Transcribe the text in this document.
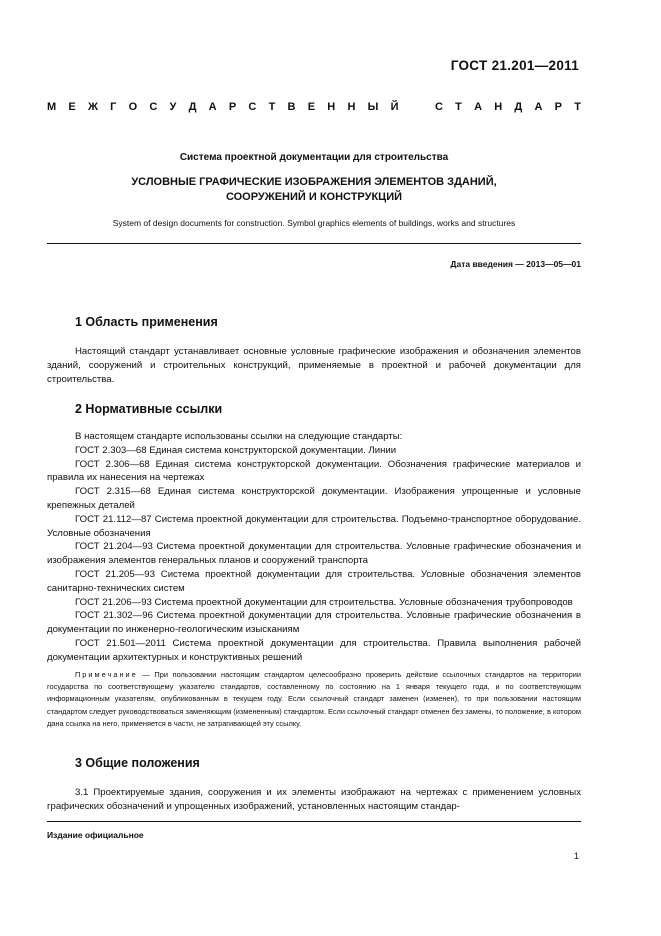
ГОСТ 21.201—2011
М Е Ж Г О С У Д А Р С Т В Е Н Н Ы Й	С Т А Н Д А Р Т
Система проектной документации для строительства
УСЛОВНЫЕ ГРАФИЧЕСКИЕ ИЗОБРАЖЕНИЯ ЭЛЕМЕНТОВ ЗДАНИЙ,
СООРУЖЕНИЙ И КОНСТРУКЦИЙ
System of design documents for construction. Symbol graphics elements of buildings, works and structures
Дата введения — 2013—05—01
1 Область применения

Настоящий стандарт устанавливает основные условные графические изображения и обозначения элементов зданий, сооружений и строительных конструкций, применяемые в проектной и рабочей документации для строительства.

2 Нормативные ссылки

В настоящем стандарте использованы ссылки на следующие стандарты:

ГОСТ 2.303—68 Единая система конструкторской документации. Линии

ГОСТ 2.306—68 Единая система конструкторской документации. Обозначения графические материалов и правила их нанесения на чертежах

ГОСТ 2.315—68 Единая система конструкторской документации. Изображения упрощенные и условные крепежных деталей

ГОСТ 21.112—87 Система проектной документации для строительства. Подъемно-транспортное оборудование. Условные обозначения

ГОСТ 21.204—93 Система проектной документации для строительства. Условные графические обозначения и изображения элементов генеральных планов и сооружений транспорта

ГОСТ 21.205—93 Система проектной документации для строительства. Условные обозначения элементов санитарно-технических систем

ГОСТ 21.206—93 Система проектной документации для строительства. Условные обозначения трубопроводов

ГОСТ 21.302—96 Система проектной документации для строительства. Условные графические обозначения в документации по инженерно-геологическим изысканиям

ГОСТ 21.501—2011 Система проектной документации для строительства. Правила выполнения рабочей документации архитектурных и конструктивных решений

Примечание — При пользовании настоящим стандартом целесообразно проверить действие ссылочных стандартов на территории государства по соответствующему указателю стандартов, составленному по состоянию на 1 января текущего года, и по соответствующим информационным указателям, опубликованным в текущем году. Если ссылочный стандарт заменен (изменен), то при пользовании настоящим стандартом следует руководствоваться заменяющим (измененным) стандартом. Если ссылочный стандарт отменен без замены, то положение, в котором дана ссылка на него, применяется в части, не затрагивающей эту ссылку.

3 Общие положения

3.1 Проектируемые здания, сооружения и их элементы изображают на чертежах с применением условных графических обозначений и упрощенных изображений, установленных настоящим стандар-

Издание официальное
1
